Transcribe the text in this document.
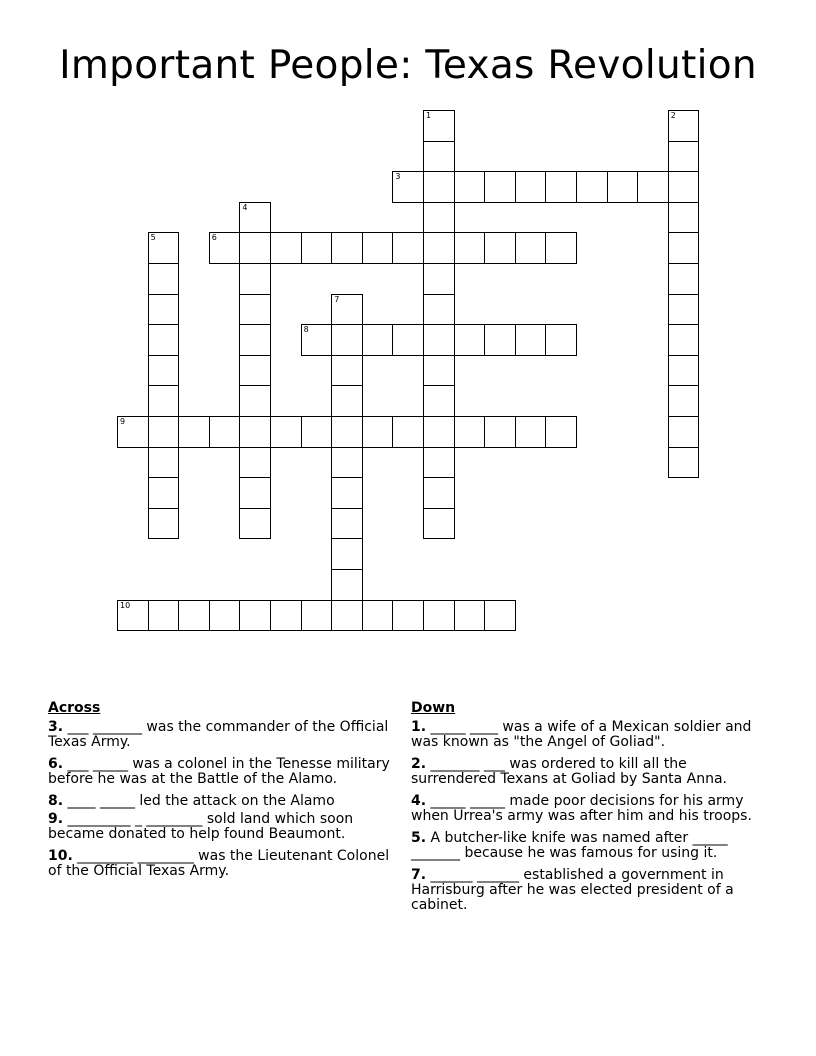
Important People: Texas Revolution
1	2
3
4
5	6
7
8
9
10
Across
3. ___ _______ was the commander of the Official Texas Army.
6. ___ _____ was a colonel in the Tenesse military before he was at the Battle of the Alamo.
8. ____ _____ led the attack on the Alamo
9. _________ _ ________ sold land which soon became donated to help found Beaumont.
10. ________ ________ was the Lieutenant Colonel of the Official Texas Army.
Down
1. _____ ____ was a wife of a Mexican soldier and was known as "the Angel of Goliad".
2. _______ ___ was ordered to kill all the surrendered Texans at Goliad by Santa Anna.
4. _____ _____ made poor decisions for his army when Urrea's army was after him and his troops.
5. A butcher-like knife was named after _____ _______ because he was famous for using it.
7. ______ ______ established a government in Harrisburg after he was elected president of a cabinet.
